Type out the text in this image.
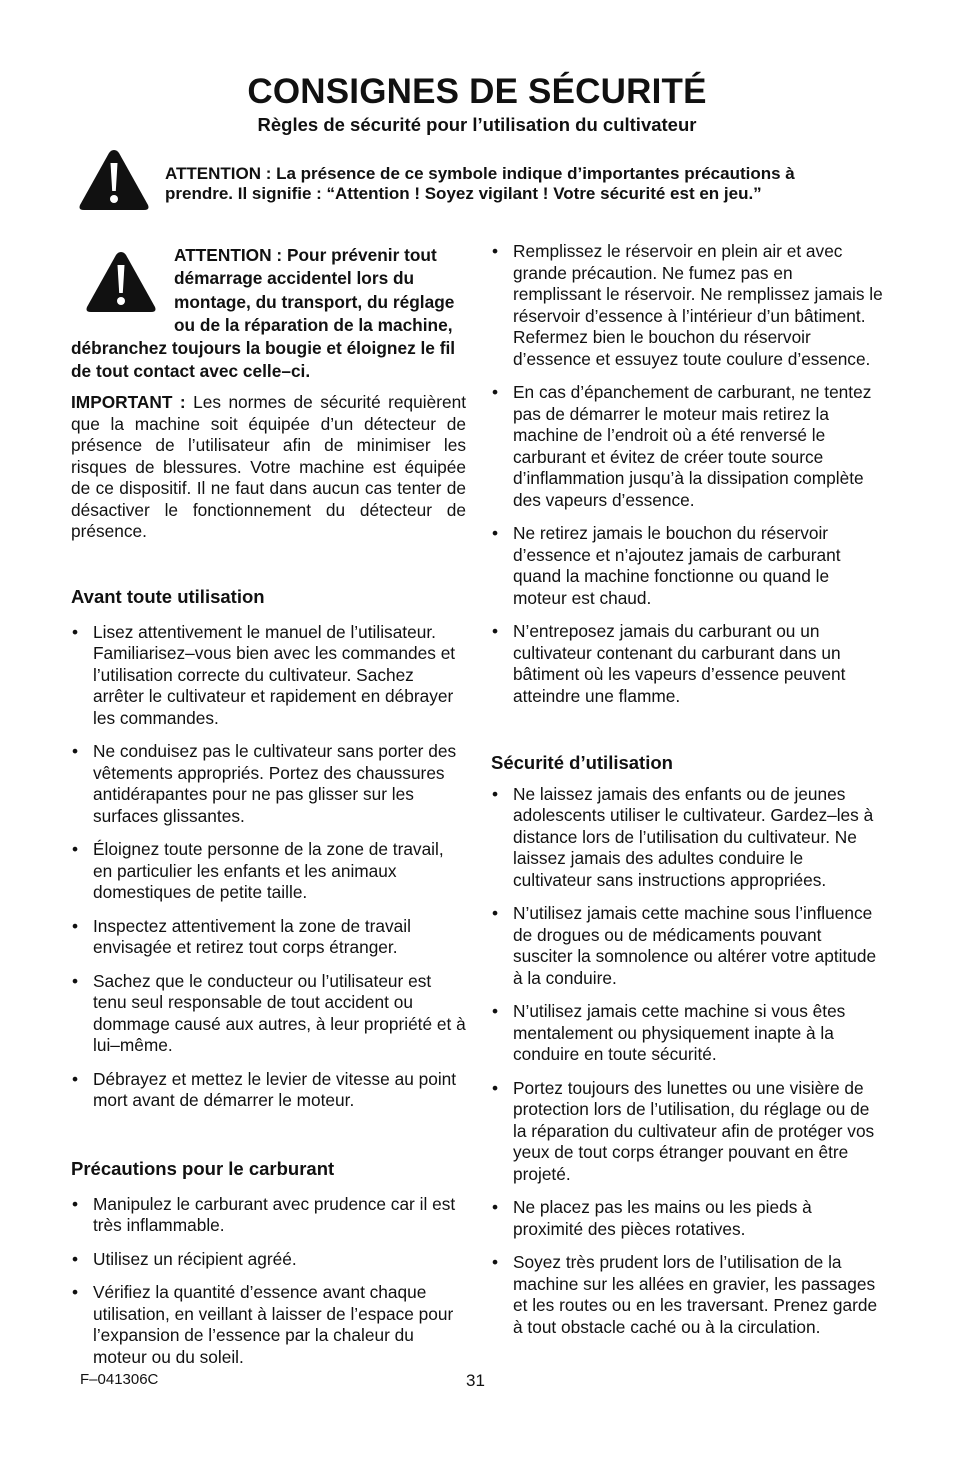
CONSIGNES DE SÉCURITÉ
Règles de sécurité pour l’utilisation du cultivateur
ATTENTION : La présence de ce symbole indique d’importantes précautions à prendre. Il signifie : “Attention ! Soyez vigilant ! Votre sécurité est en jeu.”
ATTENTION : Pour prévenir tout démarrage accidentel lors du montage, du transport, du réglage ou de la réparation de la machine, débranchez toujours la bougie et éloignez le fil de tout contact avec celle–ci.
IMPORTANT : Les normes de sécurité requièrent que la machine soit équipée d’un détecteur de présence de l’utilisateur afin de minimiser les risques de blessures. Votre machine est équipée de ce dispositif. Il ne faut dans aucun cas tenter de désactiver le fonctionnement du détecteur de présence.
Avant toute utilisation
• Lisez attentivement le manuel de l’utilisateur. Familiarisez–vous bien avec les commandes et l’utilisation correcte du cultivateur. Sachez arrêter le cultivateur et rapidement en débrayer les commandes.
• Ne conduisez pas le cultivateur sans porter des vêtements appropriés. Portez des chaussures antidérapantes pour ne pas glisser sur les surfaces glissantes.
• Éloignez toute personne de la zone de travail, en particulier les enfants et les animaux domestiques de petite taille.
• Inspectez attentivement la zone de travail envisagée et retirez tout corps étranger.
• Sachez que le conducteur ou l’utilisateur est tenu seul responsable de tout accident ou dommage causé aux autres, à leur propriété et à lui–même.
• Débrayez et mettez le levier de vitesse au point mort avant de démarrer le moteur.
Précautions pour le carburant
• Manipulez le carburant avec prudence car il est très inflammable.
• Utilisez un récipient agréé.
• Vérifiez la quantité d’essence avant chaque utilisation, en veillant à laisser de l’espace pour l’expansion de l’essence par la chaleur du moteur ou du soleil.
• Remplissez le réservoir en plein air et avec grande précaution. Ne fumez pas en remplissant le réservoir. Ne remplissez jamais le réservoir d’essence à l’intérieur d’un bâtiment. Refermez bien le bouchon du réservoir d’essence et essuyez toute coulure d’essence.
• En cas d’épanchement de carburant, ne tentez pas de démarrer le moteur mais retirez la machine de l’endroit où a été renversé le carburant et évitez de créer toute source d’inflammation jusqu’à la dissipation complète des vapeurs d’essence.
• Ne retirez jamais le bouchon du réservoir d’essence et n’ajoutez jamais de carburant quand la machine fonctionne ou quand le moteur est chaud.
• N’entreposez jamais du carburant ou un cultivateur contenant du carburant dans un bâtiment où les vapeurs d’essence peuvent atteindre une flamme.
Sécurité d’utilisation
• Ne laissez jamais des enfants ou de jeunes adolescents utiliser le cultivateur. Gardez–les à distance lors de l’utilisation du cultivateur. Ne laissez jamais des adultes conduire le cultivateur sans instructions appropriées.
• N’utilisez jamais cette machine sous l’influence de drogues ou de médicaments pouvant susciter la somnolence ou altérer votre aptitude à la conduire.
• N’utilisez jamais cette machine si vous êtes mentalement ou physiquement inapte à la conduire en toute sécurité.
• Portez toujours des lunettes ou une visière de protection lors de l’utilisation, du réglage ou de la réparation du cultivateur afin de protéger vos yeux de tout corps étranger pouvant en être projeté.
• Ne placez pas les mains ou les pieds à proximité des pièces rotatives.
• Soyez très prudent lors de l’utilisation de la machine sur les allées en gravier, les passages et les routes ou en les traversant. Prenez garde à tout obstacle caché ou à la circulation.
F–041306C	31
